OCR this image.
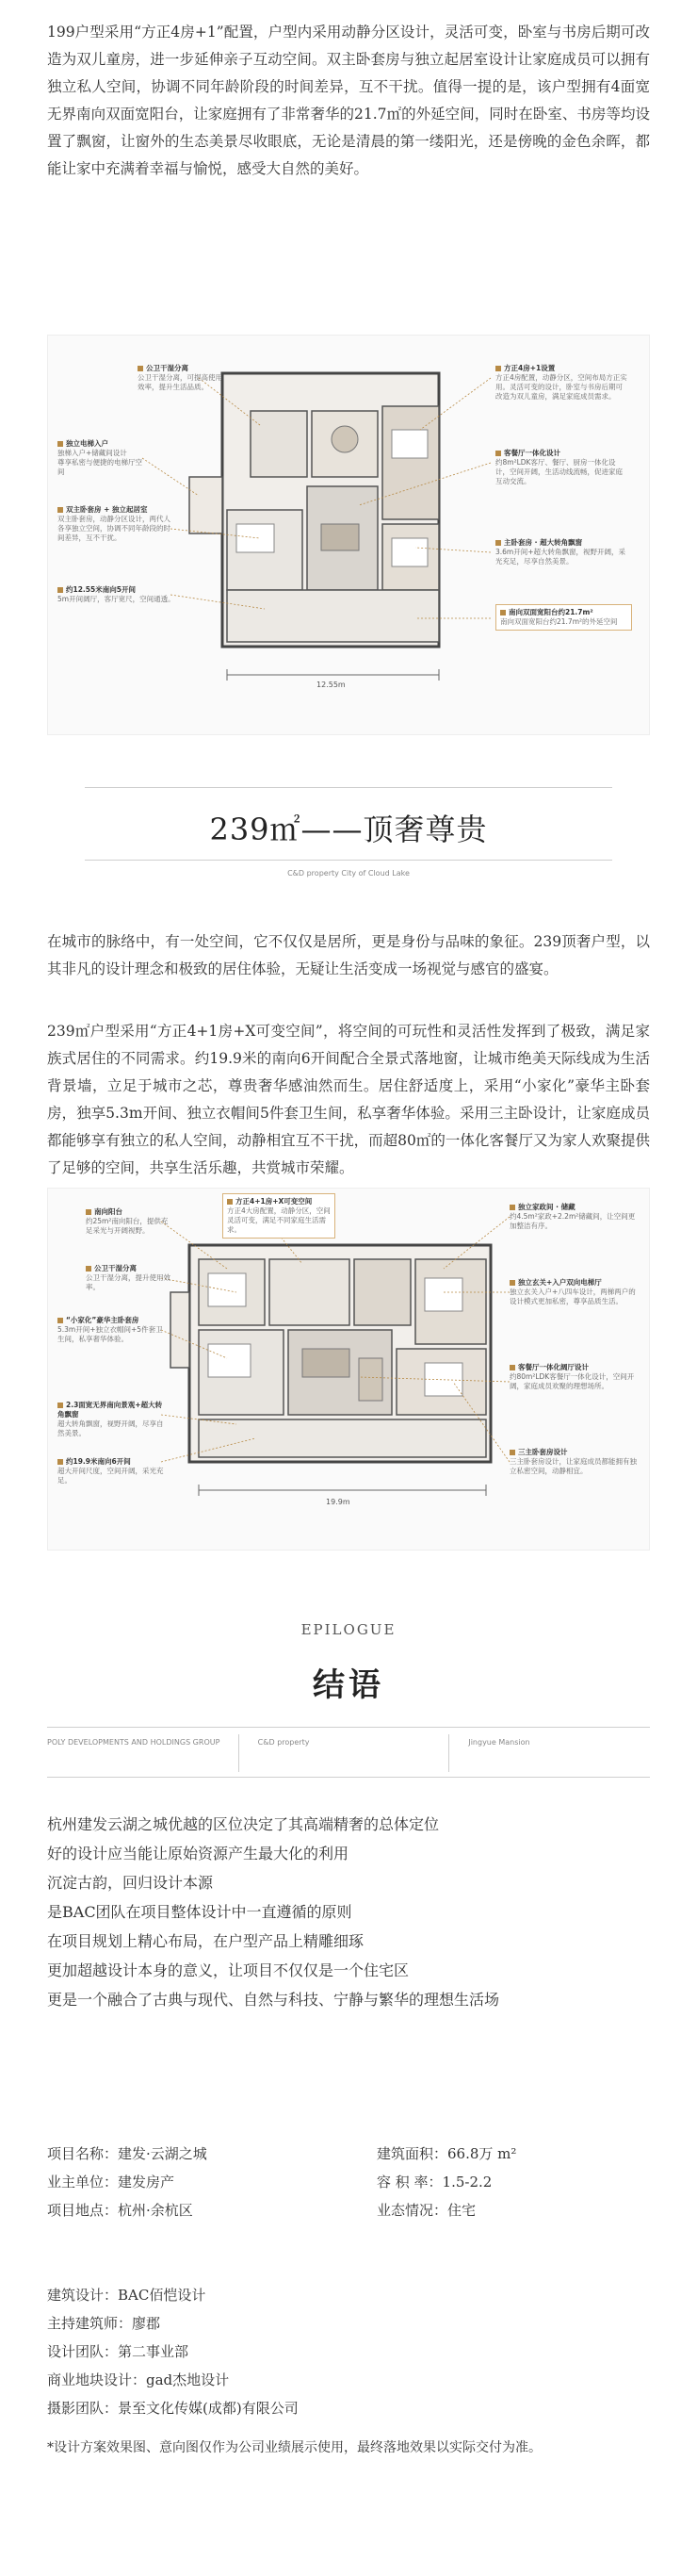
199户型采用“方正4房+1”配置，户型内采用动静分区设计，灵活可变，卧室与书房后期可改造为双儿童房，进一步延伸亲子互动空间。双主卧套房与独立起居室设计让家庭成员可以拥有独立私人空间，协调不同年龄阶段的时间差异，互不干扰。值得一提的是，该户型拥有4面宽无界南向双面宽阳台，让家庭拥有了非常奢华的21.7㎡的外延空间，同时在卧室、书房等均设置了飘窗，让窗外的生态美景尽收眼底，无论是清晨的第一缕阳光，还是傍晚的金色余晖，都能让家中充满着幸福与愉悦，感受大自然的美好。

12.55m
公卫干湿分离
公卫干湿分离，可提高使用效率，提升生活品质。
方正4房+1设置
方正4房配置，动静分区，空间布局方正实用。灵活可变的设计，卧室与书房后期可改造为双儿童房，满足家庭成员需求。
独立电梯入户
独梯入户+储藏间设计
尊享私密与便捷的电梯厅空间
客餐厅一体化设计
约8m²LDK客厅、餐厅、厨房一体化设计，空间开阔，生活动线流畅，促进家庭互动交流。
双主卧套房 + 独立起居室
双主卧套房，动静分区设计，两代人各享独立空间，协调不同年龄段的时间差异，互不干扰。
主卧套房 · 超大转角飘窗
3.6m开间+超大转角飘窗，视野开阔，采光充足，尽享自然美景。
约12.55米南向5开间
5m开间阔厅，客厅宽尺，空间通透。
南向双面宽阳台约21.7m²
南向双面宽阳台约21.7m²的外延空间
239㎡——顶奢尊贵
C&D property City of Cloud Lake

在城市的脉络中，有一处空间，它不仅仅是居所，更是身份与品味的象征。239顶奢户型，以其非凡的设计理念和极致的居住体验，无疑让生活变成一场视觉与感官的盛宴。

239㎡户型采用“方正4+1房+X可变空间”，将空间的可玩性和灵活性发挥到了极致，满足家族式居住的不同需求。约19.9米的南向6开间配合全景式落地窗，让城市绝美天际线成为生活背景墙，立足于城市之芯，尊贵奢华感油然而生。居住舒适度上，采用“小家化”豪华主卧套房，独享5.3m开间、独立衣帽间5件套卫生间，私享奢华体验。采用三主卧设计，让家庭成员都能够享有独立的私人空间，动静相宜互不干扰，而超80㎡的一体化客餐厅又为家人欢聚提供了足够的空间，共享生活乐趣，共赏城市荣耀。

19.9m
南向阳台
约25m²南向阳台，提供充足采光与开阔视野。
方正4+1房+X可变空间
方正4大房配置，动静分区，空间灵活可变，满足不同家庭生活需求。
公卫干湿分离
公卫干湿分离，提升使用效率。
独立家政间 · 储藏
约4.5m²家政+2.2m²储藏间，让空间更加整洁有序。
“小家化”豪华主卧套房
5.3m开间+独立衣帽间+5件套卫生间，私享奢华体验。
独立玄关+入户双向电梯厅
独立玄关入户+八四车设计，两梯两户的设计模式更加私密，尊享品质生活。
2.3面宽无界南向景观+超大转角飘窗
超大转角飘窗，视野开阔，尽享自然美景。
客餐厅一体化阔厅设计
约80m²LDK客餐厅一体化设计，空间开阔，家庭成员欢聚的理想场所。
约19.9米南向6开间
超大开间尺度，空间开阔，采光充足。
三主卧套房设计
三主卧套房设计，让家庭成员都能拥有独立私密空间，动静相宜。
EPILOGUE
结语
POLY DEVELOPMENTS AND HOLDINGS GROUP	C&D property	Jingyue Mansion
杭州建发云湖之城优越的区位决定了其高端精奢的总体定位
好的设计应当能让原始资源产生最大化的利用
沉淀古韵，回归设计本源
是BAC团队在项目整体设计中一直遵循的原则
在项目规划上精心布局，在户型产品上精雕细琢
更加超越设计本身的意义，让项目不仅仅是一个住宅区
更是一个融合了古典与现代、自然与科技、宁静与繁华的理想生活场
项目名称： 建发·云湖之城
业主单位： 建发房产
项目地点： 杭州·余杭区
建筑面积： 66.8万 m²
容 积 率： 1.5-2.2
业态情况： 住宅
建筑设计： BAC佰恺设计
主持建筑师： 廖郡
设计团队： 第二事业部
商业地块设计： gad杰地设计
摄影团队： 景至文化传媒(成都)有限公司
*设计方案效果图、意向图仅作为公司业绩展示使用，最终落地效果以实际交付为准。
